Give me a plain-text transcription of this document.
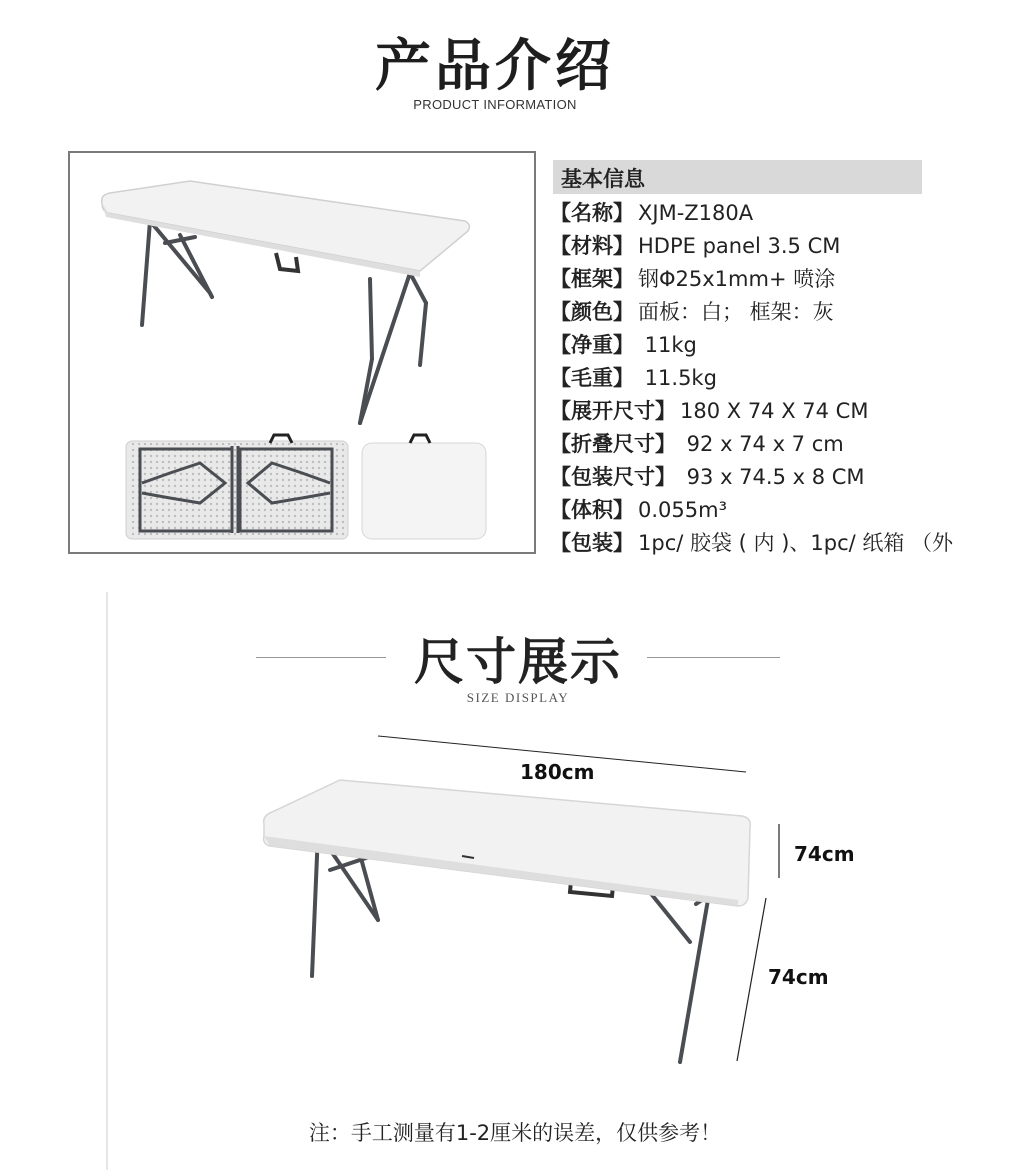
产品介绍
PRODUCT INFORMATION
基本信息
【名称】 XJM-Z180A
【材料】 HDPE panel 3.5 CM
【框架】 钢Φ25x1mm+ 喷涂
【颜色】 面板：白； 框架：灰
【净重】 11kg
【毛重】 11.5kg
【展开尺寸】 180 X 74 X 74 CM
【折叠尺寸】 92 x 74 x 7 cm
【包装尺寸】 93 x 74.5 x 8 CM
【体积】 0.055m³
【包装】 1pc/ 胶袋 ( 内 )、1pc/ 纸箱 （外
尺寸展示
SIZE DISPLAY
180cm
74cm
74cm
注：手工测量有1-2厘米的误差，仅供参考！
